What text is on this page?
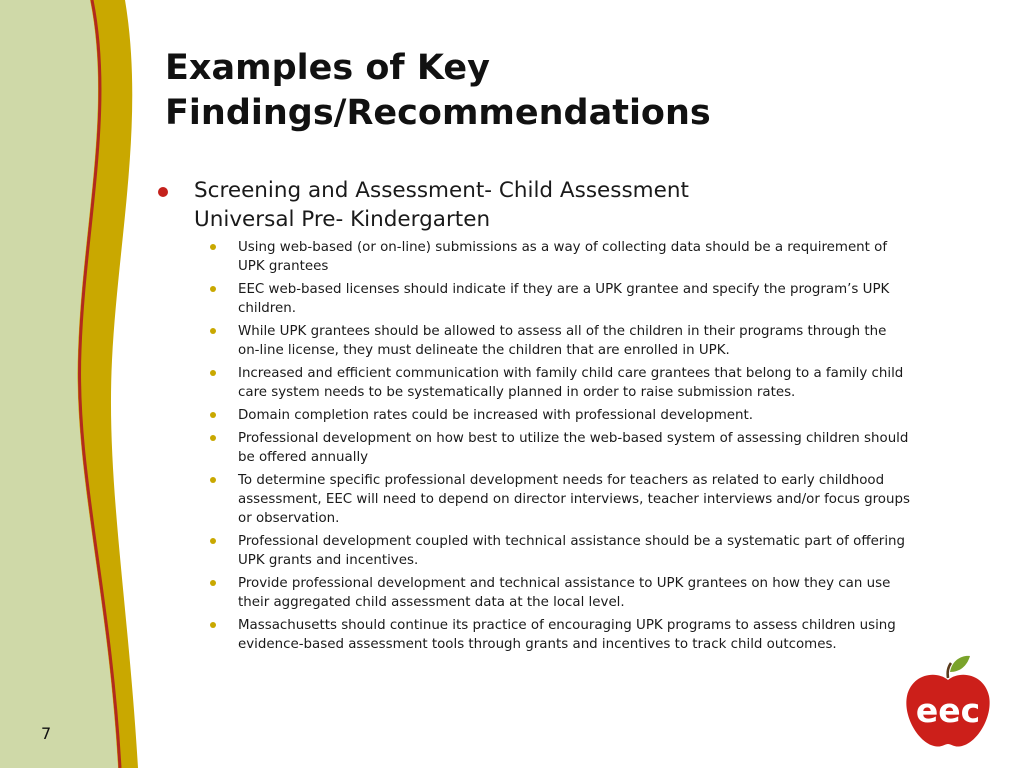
Examples of Key
Findings/Recommendations
Screening and Assessment- Child Assessment
Universal Pre- Kindergarten
Using web-based (or on-line) submissions as a way of collecting data should be a requirement of UPK grantees
EEC web-based licenses should indicate if they are a UPK grantee and specify the program’s UPK children.
While UPK grantees should be allowed to assess all of the children in their programs through the on-line license, they must delineate the children that are enrolled in UPK.
Increased and efficient communication with family child care grantees that belong to a family child care system needs to be systematically planned in order to raise submission rates.
Domain completion rates could be increased with professional development.
Professional development on how best to utilize the web-based system of assessing children should be offered annually
To determine specific professional development needs for teachers as related to early childhood assessment, EEC will need to depend on director interviews, teacher interviews and/or focus groups or observation.
Professional development coupled with technical assistance should be a systematic part of offering UPK grants and incentives.
Provide professional development and technical assistance to UPK grantees on how they can use their aggregated child assessment data at the local level.
Massachusetts should continue its practice of encouraging UPK programs to assess children using evidence-based assessment tools through grants and incentives to track child outcomes.
7
eec
